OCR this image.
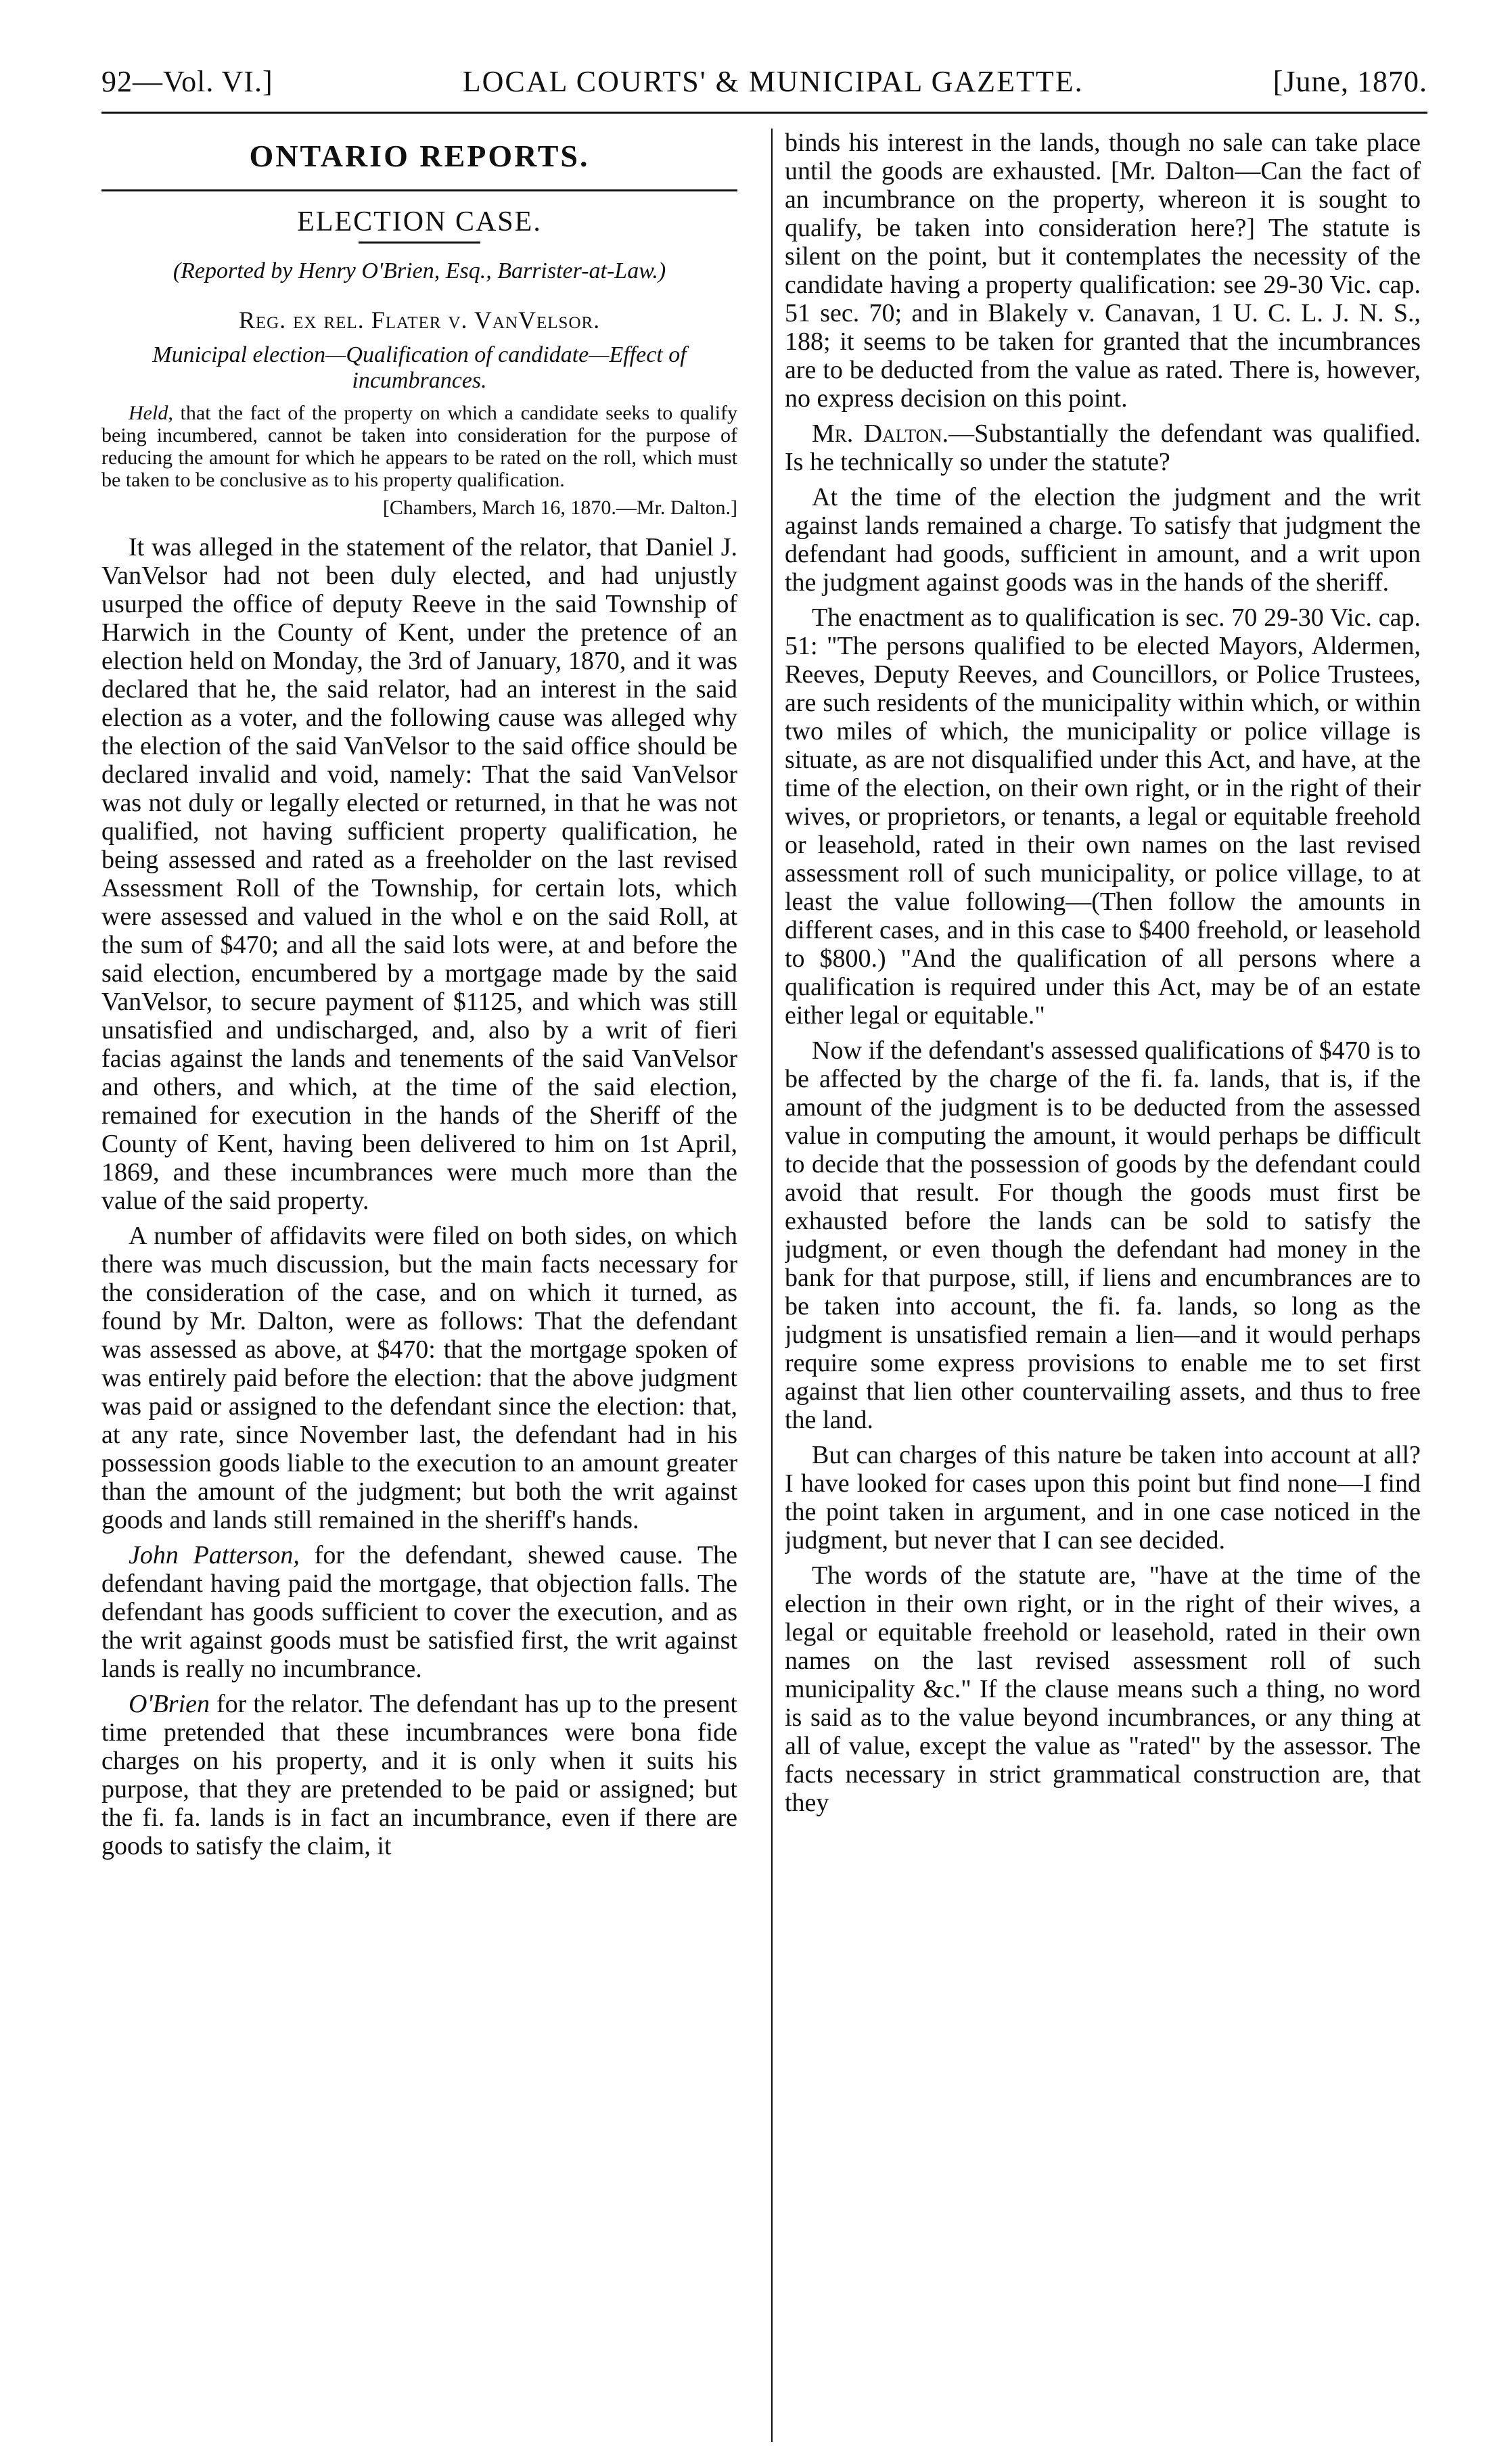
92—Vol. VI.]	LOCAL COURTS' & MUNICIPAL GAZETTE.	[June, 1870.
ONTARIO REPORTS.
ELECTION CASE.
(Reported by Henry O'Brien, Esq., Barrister-at-Law.)
Reg. ex rel. Flater v. VanVelsor.
Municipal election—Qualification of candidate—Effect of incumbrances.
Held, that the fact of the property on which a candidate seeks to qualify being incumbered, cannot be taken into consideration for the purpose of reducing the amount for which he appears to be rated on the roll, which must be taken to be conclusive as to his property qualification.
[Chambers, March 16, 1870.—Mr. Dalton.]

It was alleged in the statement of the relator, that Daniel J. VanVelsor had not been duly elected, and had unjustly usurped the office of deputy Reeve in the said Township of Harwich in the County of Kent, under the pretence of an election held on Monday, the 3rd of January, 1870, and it was declared that he, the said relator, had an interest in the said election as a voter, and the following cause was alleged why the election of the said VanVelsor to the said office should be declared invalid and void, namely: That the said VanVelsor was not duly or legally elected or returned, in that he was not qualified, not having sufficient property qualification, he being assessed and rated as a freeholder on the last revised Assessment Roll of the Township, for certain lots, which were assessed and valued in the whol e on the said Roll, at the sum of $470; and all the said lots were, at and before the said election, encumbered by a mortgage made by the said VanVelsor, to secure payment of $1125, and which was still unsatisfied and undischarged, and, also by a writ of fieri facias against the lands and tenements of the said VanVelsor and others, and which, at the time of the said election, remained for execution in the hands of the Sheriff of the County of Kent, having been delivered to him on 1st April, 1869, and these incumbrances were much more than the value of the said property.

A number of affidavits were filed on both sides, on which there was much discussion, but the main facts necessary for the consideration of the case, and on which it turned, as found by Mr. Dalton, were as follows: That the defendant was assessed as above, at $470: that the mortgage spoken of was entirely paid before the election: that the above judgment was paid or assigned to the defendant since the election: that, at any rate, since November last, the defendant had in his possession goods liable to the execution to an amount greater than the amount of the judgment; but both the writ against goods and lands still remained in the sheriff's hands.

John Patterson, for the defendant, shewed cause. The defendant having paid the mortgage, that objection falls. The defendant has goods sufficient to cover the execution, and as the writ against goods must be satisfied first, the writ against lands is really no incumbrance.

O'Brien for the relator. The defendant has up to the present time pretended that these incumbrances were bona fide charges on his property, and it is only when it suits his purpose, that they are pretended to be paid or assigned; but the fi. fa. lands is in fact an incumbrance, even if there are goods to satisfy the claim, it

binds his interest in the lands, though no sale can take place until the goods are exhausted. [Mr. Dalton—Can the fact of an incumbrance on the property, whereon it is sought to qualify, be taken into consideration here?] The statute is silent on the point, but it contemplates the necessity of the candidate having a property qualification: see 29-30 Vic. cap. 51 sec. 70; and in Blakely v. Canavan, 1 U. C. L. J. N. S., 188; it seems to be taken for granted that the incumbrances are to be deducted from the value as rated. There is, however, no express decision on this point.

Mr. Dalton.—Substantially the defendant was qualified. Is he technically so under the statute?

At the time of the election the judgment and the writ against lands remained a charge. To satisfy that judgment the defendant had goods, sufficient in amount, and a writ upon the judgment against goods was in the hands of the sheriff.

The enactment as to qualification is sec. 70 29-30 Vic. cap. 51: "The persons qualified to be elected Mayors, Aldermen, Reeves, Deputy Reeves, and Councillors, or Police Trustees, are such residents of the municipality within which, or within two miles of which, the municipality or police village is situate, as are not disqualified under this Act, and have, at the time of the election, on their own right, or in the right of their wives, or proprietors, or tenants, a legal or equitable freehold or leasehold, rated in their own names on the last revised assessment roll of such municipality, or police village, to at least the value following—(Then follow the amounts in different cases, and in this case to $400 freehold, or leasehold to $800.) "And the qualification of all persons where a qualification is required under this Act, may be of an estate either legal or equitable."

Now if the defendant's assessed qualifications of $470 is to be affected by the charge of the fi. fa. lands, that is, if the amount of the judgment is to be deducted from the assessed value in computing the amount, it would perhaps be difficult to decide that the possession of goods by the defendant could avoid that result. For though the goods must first be exhausted before the lands can be sold to satisfy the judgment, or even though the defendant had money in the bank for that purpose, still, if liens and encumbrances are to be taken into account, the fi. fa. lands, so long as the judgment is unsatisfied remain a lien—and it would perhaps require some express provisions to enable me to set first against that lien other countervailing assets, and thus to free the land.

But can charges of this nature be taken into account at all? I have looked for cases upon this point but find none—I find the point taken in argument, and in one case noticed in the judgment, but never that I can see decided.

The words of the statute are, "have at the time of the election in their own right, or in the right of their wives, a legal or equitable freehold or leasehold, rated in their own names on the last revised assessment roll of such municipality &c." If the clause means such a thing, no word is said as to the value beyond incumbrances, or any thing at all of value, except the value as "rated" by the assessor. The facts necessary in strict grammatical construction are, that they
